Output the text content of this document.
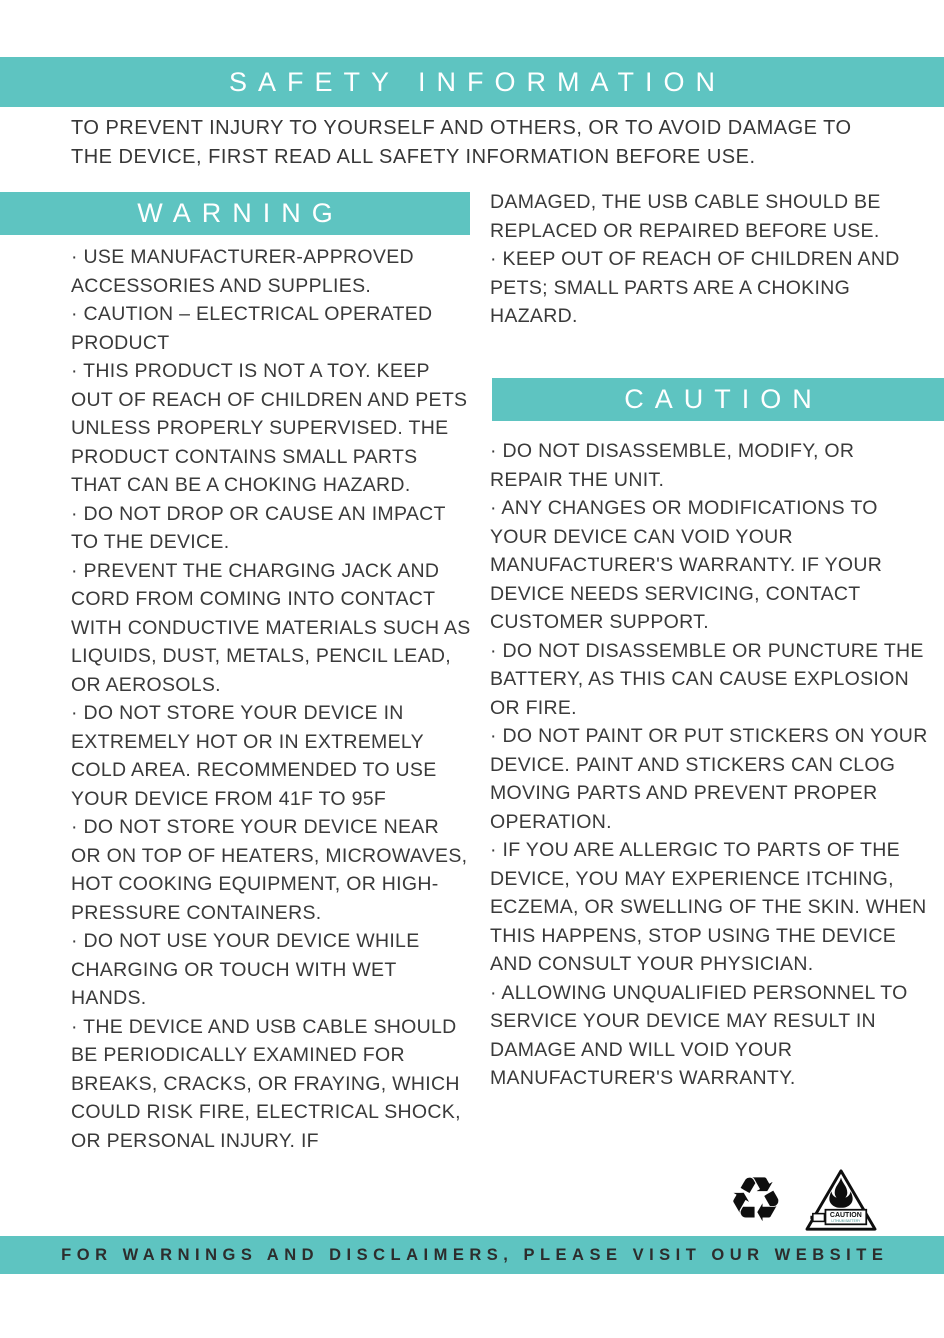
SAFETY INFORMATION

TO PREVENT INJURY TO YOURSELF AND OTHERS, OR TO AVOID DAMAGE TO THE DEVICE, FIRST READ ALL SAFETY INFORMATION BEFORE USE.

WARNING

· USE MANUFACTURER-APPROVED ACCESSORIES AND SUPPLIES.

· CAUTION – ELECTRICAL OPERATED PRODUCT

· THIS PRODUCT IS NOT A TOY. KEEP OUT OF REACH OF CHILDREN AND PETS UNLESS PROPERLY SUPERVISED. THE PRODUCT CONTAINS SMALL PARTS THAT CAN BE A CHOKING HAZARD.

· DO NOT DROP OR CAUSE AN IMPACT TO THE DEVICE.

· PREVENT THE CHARGING JACK AND CORD FROM COMING INTO CONTACT WITH CONDUCTIVE MATERIALS SUCH AS LIQUIDS, DUST, METALS, PENCIL LEAD, OR AEROSOLS.

· DO NOT STORE YOUR DEVICE IN EXTREMELY HOT OR IN EXTREMELY COLD AREA. RECOMMENDED TO USE YOUR DEVICE FROM 41F TO 95F

· DO NOT STORE YOUR DEVICE NEAR OR ON TOP OF HEATERS, MICROWAVES, HOT COOKING EQUIPMENT, OR HIGH-PRESSURE CONTAINERS.

· DO NOT USE YOUR DEVICE WHILE CHARGING OR TOUCH WITH WET HANDS.

· THE DEVICE AND USB CABLE SHOULD BE PERIODICALLY EXAMINED FOR BREAKS, CRACKS, OR FRAYING, WHICH COULD RISK FIRE, ELECTRICAL SHOCK, OR PERSONAL INJURY. IF

DAMAGED, THE USB CABLE SHOULD BE REPLACED OR REPAIRED BEFORE USE.

· KEEP OUT OF REACH OF CHILDREN AND PETS; SMALL PARTS ARE A CHOKING HAZARD.

CAUTION

· DO NOT DISASSEMBLE, MODIFY, OR REPAIR THE UNIT.

· ANY CHANGES OR MODIFICATIONS TO YOUR DEVICE CAN VOID YOUR MANUFACTURER'S WARRANTY. IF YOUR DEVICE NEEDS SERVICING, CONTACT CUSTOMER SUPPORT.

· DO NOT DISASSEMBLE OR PUNCTURE THE BATTERY, AS THIS CAN CAUSE EXPLOSION OR FIRE.

· DO NOT PAINT OR PUT STICKERS ON YOUR DEVICE. PAINT AND STICKERS CAN CLOG MOVING PARTS AND PREVENT PROPER OPERATION.

· IF YOU ARE ALLERGIC TO PARTS OF THE DEVICE, YOU MAY EXPERIENCE ITCHING, ECZEMA, OR SWELLING OF THE SKIN. WHEN THIS HAPPENS, STOP USING THE DEVICE AND CONSULT YOUR PHYSICIAN.

· ALLOWING UNQUALIFIED PERSONNEL TO SERVICE YOUR DEVICE MAY RESULT IN DAMAGE AND WILL VOID YOUR MANUFACTURER'S WARRANTY.

♻	CAUTION
LITHIUM BATTERY
FOR WARNINGS AND DISCLAIMERS, PLEASE VISIT OUR WEBSITE
